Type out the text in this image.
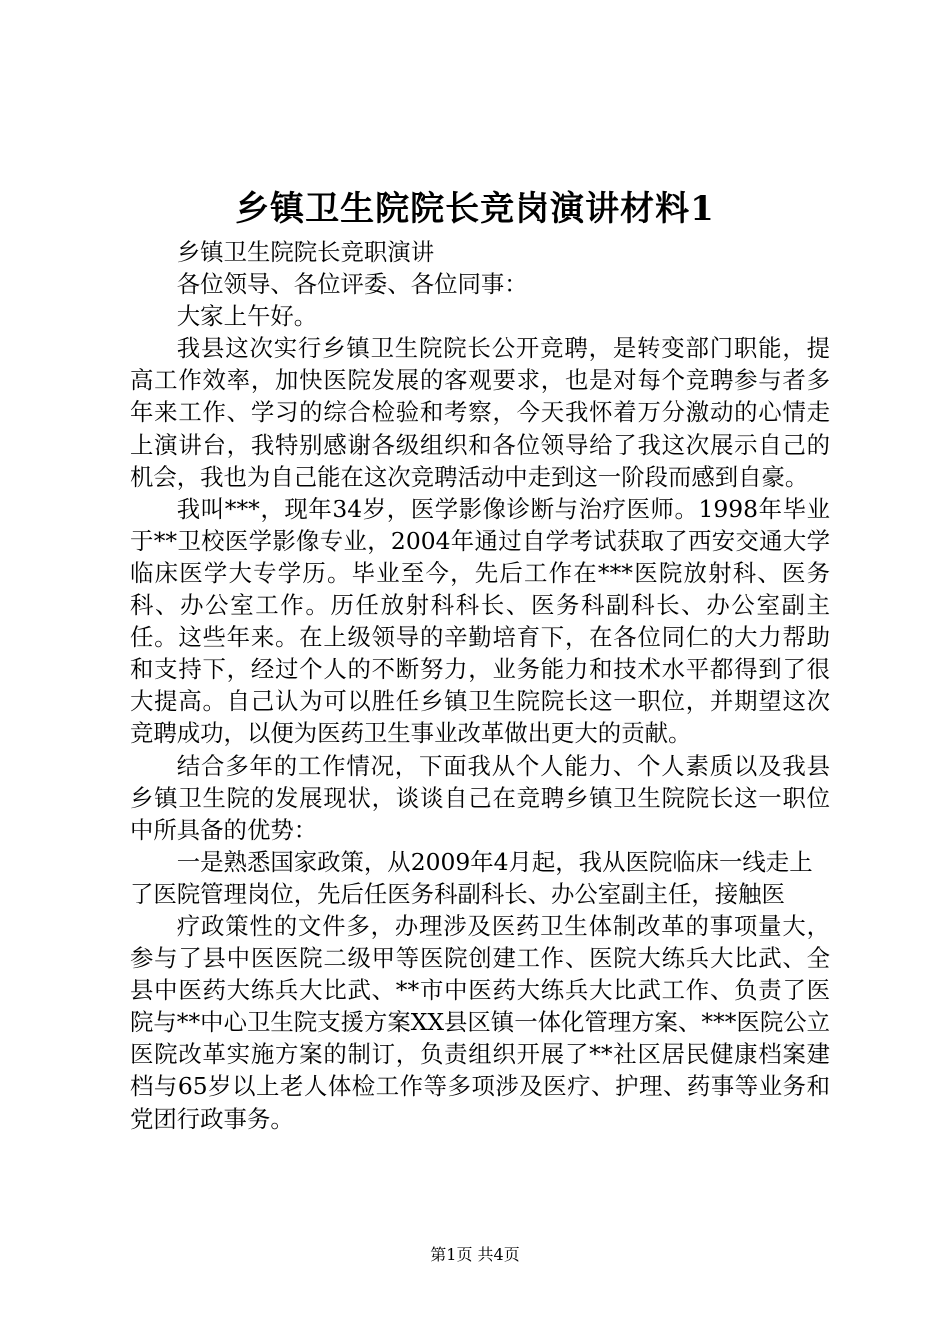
乡镇卫生院院长竞岗演讲材料1

乡镇卫生院院长竞职演讲

各位领导、各位评委、各位同事：

大家上午好。

我县这次实行乡镇卫生院院长公开竞聘，是转变部门职能，提高工作效率，加快医院发展的客观要求，也是对每个竞聘参与者多年来工作、学习的综合检验和考察，今天我怀着万分激动的心情走上演讲台，我特别感谢各级组织和各位领导给了我这次展示自己的机会，我也为自己能在这次竞聘活动中走到这一阶段而感到自豪。

我叫***，现年34岁，医学影像诊断与治疗医师。1998年毕业于**卫校医学影像专业，2004年通过自学考试获取了西安交通大学临床医学大专学历。毕业至今，先后工作在***医院放射科、医务科、办公室工作。历任放射科科长、医务科副科长、办公室副主任。这些年来。在上级领导的辛勤培育下，在各位同仁的大力帮助和支持下，经过个人的不断努力，业务能力和技术水平都得到了很大提高。自己认为可以胜任乡镇卫生院院长这一职位，并期望这次竞聘成功，以便为医药卫生事业改革做出更大的贡献。

结合多年的工作情况，下面我从个人能力、个人素质以及我县乡镇卫生院的发展现状，谈谈自己在竞聘乡镇卫生院院长这一职位中所具备的优势：

一是熟悉国家政策，从2009年4月起，我从医院临床一线走上了医院管理岗位，先后任医务科副科长、办公室副主任，接触医

疗政策性的文件多，办理涉及医药卫生体制改革的事项量大，参与了县中医医院二级甲等医院创建工作、医院大练兵大比武、全县中医药大练兵大比武、**市中医药大练兵大比武工作、负责了医院与**中心卫生院支援方案XX县区镇一体化管理方案、***医院公立医院改革实施方案的制订，负责组织开展了**社区居民健康档案建档与65岁以上老人体检工作等多项涉及医疗、护理、药事等业务和党团行政事务。

第1页 共4页
